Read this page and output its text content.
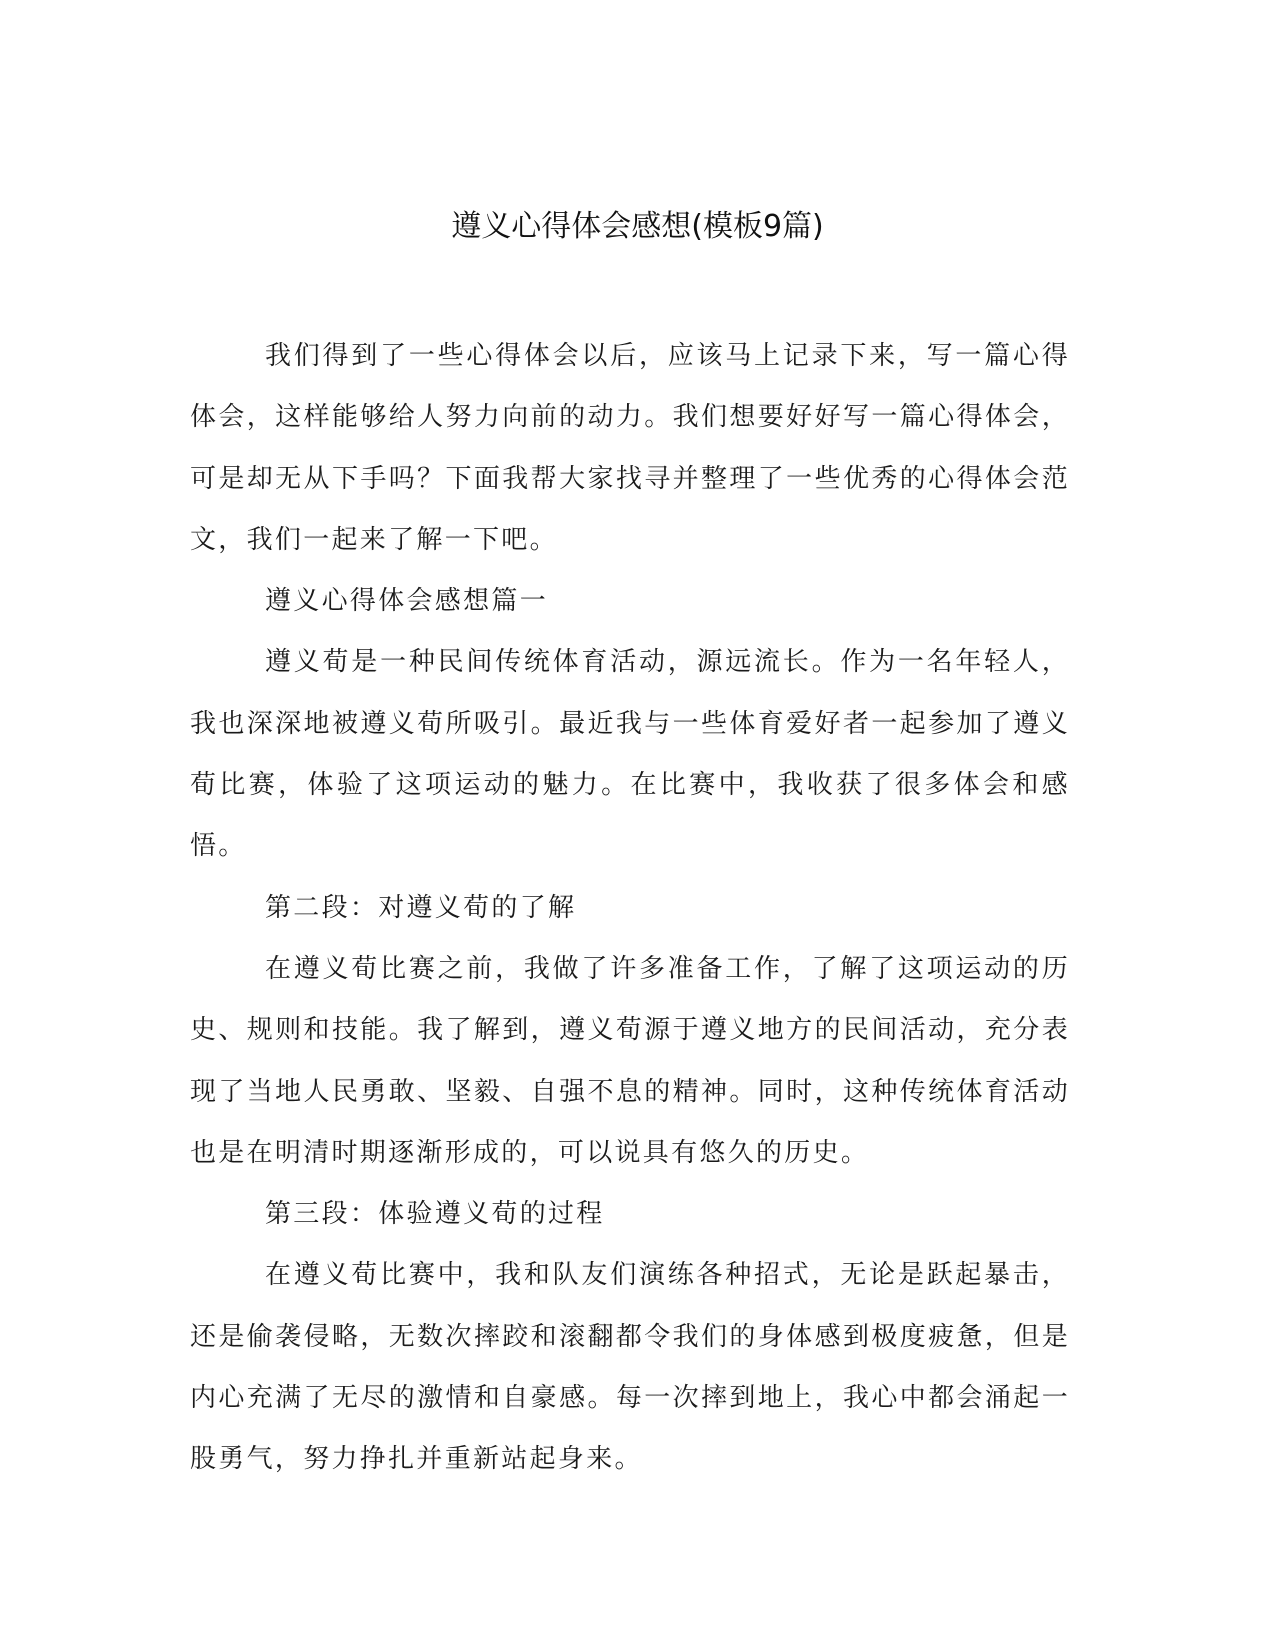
遵义心得体会感想(模板9篇)

我们得到了一些心得体会以后，应该马上记录下来，写一篇心得体会，这样能够给人努力向前的动力。我们想要好好写一篇心得体会，可是却无从下手吗？下面我帮大家找寻并整理了一些优秀的心得体会范文，我们一起来了解一下吧。

遵义心得体会感想篇一

遵义荀是一种民间传统体育活动，源远流长。作为一名年轻人，我也深深地被遵义荀所吸引。最近我与一些体育爱好者一起参加了遵义荀比赛，体验了这项运动的魅力。在比赛中，我收获了很多体会和感悟。

第二段：对遵义荀的了解

在遵义荀比赛之前，我做了许多准备工作，了解了这项运动的历史、规则和技能。我了解到，遵义荀源于遵义地方的民间活动，充分表现了当地人民勇敢、坚毅、自强不息的精神。同时，这种传统体育活动也是在明清时期逐渐形成的，可以说具有悠久的历史。

第三段：体验遵义荀的过程

在遵义荀比赛中，我和队友们演练各种招式，无论是跃起暴击，还是偷袭侵略，无数次摔跤和滚翻都令我们的身体感到极度疲惫，但是内心充满了无尽的激情和自豪感。每一次摔到地上，我心中都会涌起一股勇气，努力挣扎并重新站起身来。
